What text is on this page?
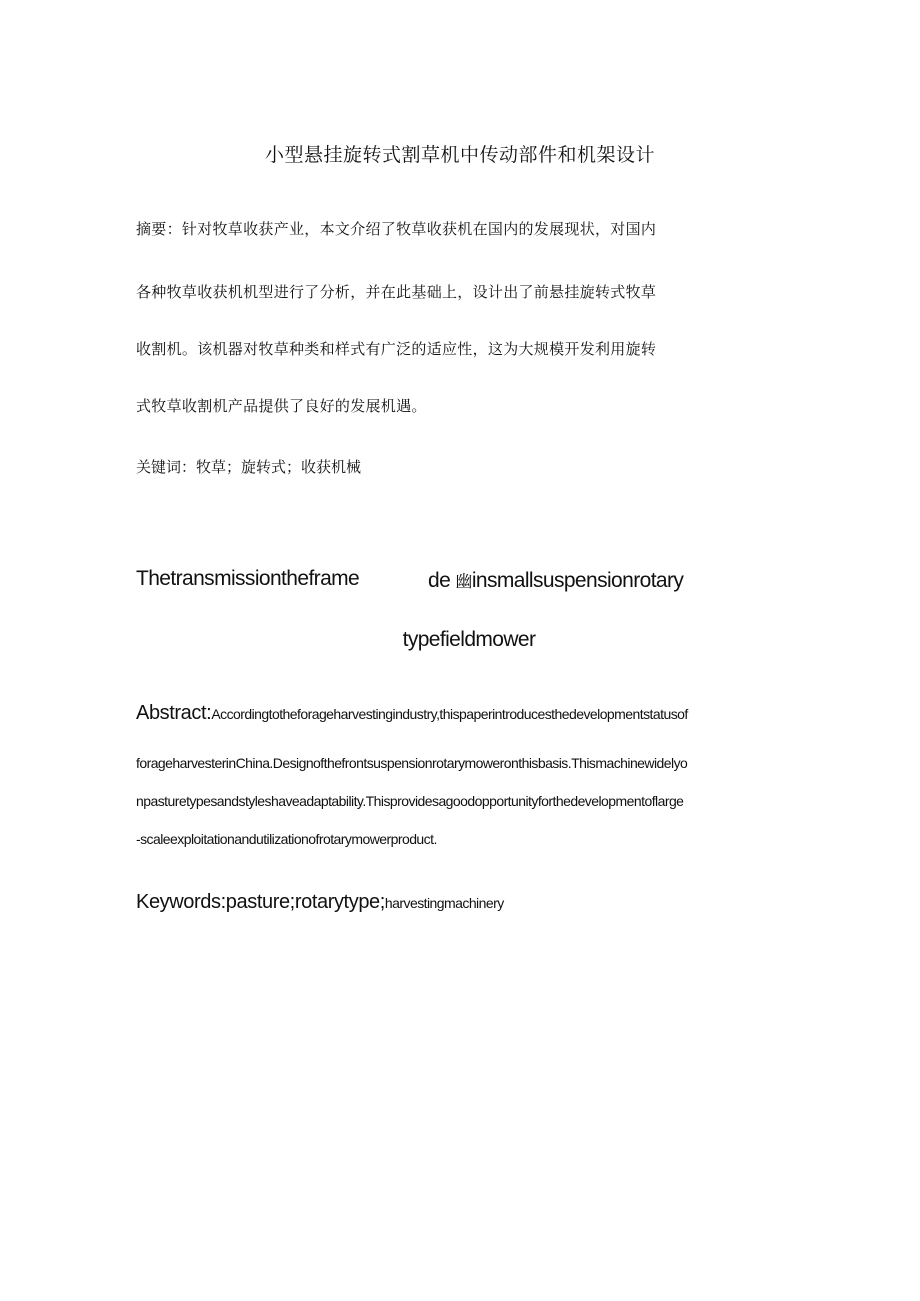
小型悬挂旋转式割草机中传动部件和机架设计
摘要：针对牧草收获产业，本文介绍了牧草收获机在国内的发展现状，对国内
各种牧草收获机机型进行了分析，并在此基础上，设计出了前悬挂旋转式牧草
收割机。该机器对牧草种类和样式有广泛的适应性，这为大规模开发利用旋转
式牧草收割机产品提供了良好的发展机遇。
关键词：牧草；旋转式；收获机械
Thetransmissiontheframe	de 幽insmallsuspensionrotary
typefieldmower
Abstract:Accordingtotheforageharvestingindustry,thispaperintroducesthedevelopmentstatusof
forageharvesterinChina.Designofthefrontsuspensionrotarymoweronthisbasis.Thismachinewidelyo
npasturetypesandstyleshaveadaptability.Thisprovidesagoodopportunityforthedevelopmentoflarge
-scaleexploitationandutilizationofrotarymowerproduct.
Keywords:pasture;rotarytype;harvestingmachinery
